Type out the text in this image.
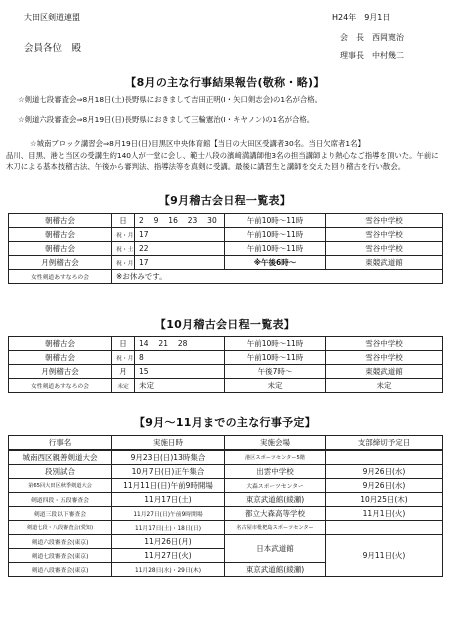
大田区剣道連盟
会員各位　殿
H24年　9月1日
会　長　西岡寛治
理事長　中村幾二
【8月の主な行事結果報告(敬称・略)】
☆剣道七段審査会⇒8月18日(土)長野県におきまして吉田正明(I・矢口剣志会)の1名が合格。
☆剣道六段審査会⇒8月19日(日)長野県におきまして三輪憲治(I・キヤノン)の1名が合格。
☆城南ブロック講習会⇒8月19日(日)目黒区中央体育館【当日の大田区受講者30名。当日欠席者1名】
品川、目黒、港と当区の受講生約140人が一堂に会し、範士八段の濱﨑満講師他3名の担当講師より熱心なご指導を頂いた。午前に木刀による基本技稽古法、午後から審判法、指導法等を真剣に受講。最後に講習生と講師を交えた回り稽古を行い散会。
【9月稽古会日程一覧表】
朝稽古会	日	2　 9　 16　 23　 30	午前10時～11時	雪谷中学校
朝稽古会	祝・月	17	午前10時～11時	雪谷中学校
朝稽古会	祝・土	22	午前10時～11時	雪谷中学校
月例稽古会	祝・月	17	※午後6時～	東競武道館
女性剣道あすなろの会	※お休みです。			
【10月稽古会日程一覧表】
朝稽古会	日	14　 21　 28	午前10時～11時	雪谷中学校
朝稽古会	祝・月	8	午前10時～11時	雪谷中学校
月例稽古会	月	15	午後7時～	東競武道館
女性剣道あすなろの会	未定	未定	未定	未定
【9月～11月までの主な行事予定】
行事名	実施日時	実施会場	支部締切予定日
城南西区親善剣道大会	9月23日(日)13時集合	港区スポーツセンター5階	
段別試合	10月7日(日)正午集合	出雲中学校	9月26日(水)
第65回大田区秋季剣道大会	11月11日(日)午前9時開場	大森スポーツセンター	9月26日(水)
剣道四段・五段審査会	11月17日(土)	東京武道館(綾瀬)	10月25日(木)
剣道三段以下審査会	11月27日(日)午前9時開場	都立大森高等学校	11月1日(火)
剣道七段・八段審査会(愛知)	11月17日(土)・18日(日)	名古屋市枇杷島スポーツセンター	
剣道六段審査会(東京)	11月26日(月)	日本武道館	9月11日(火)
剣道七段審査会(東京)	11月27日(火)		
剣道八段審査会(東京)	11月28日(水)・29日(木)	東京武道館(綾瀬)	
